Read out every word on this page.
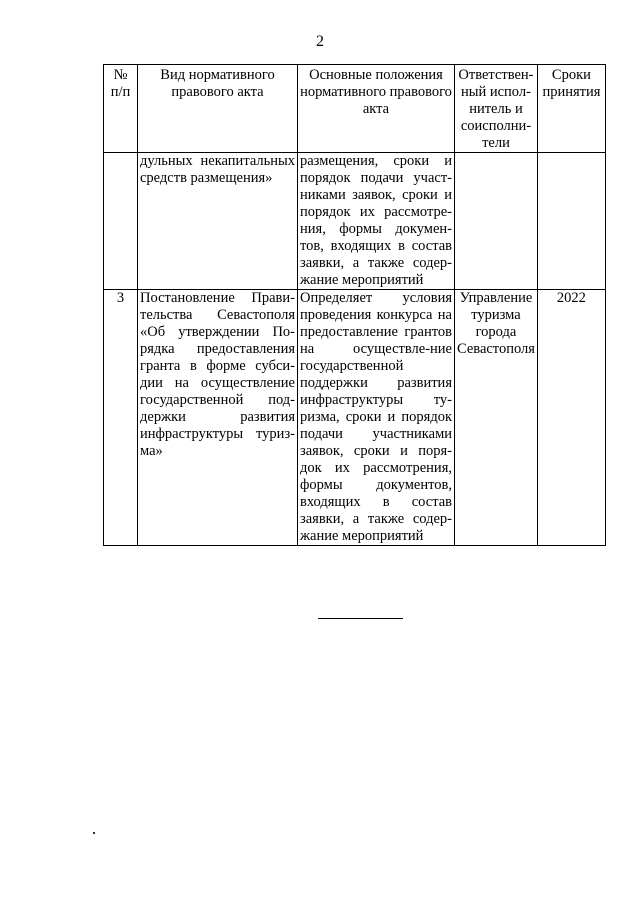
2
№ п/п	Вид нормативного правового акта	Основные положения нормативного правового акта	Ответствен-ный испол-нитель и соисполни-тели	Сроки принятия
	дульных некапитальных средств размещения»	размещения, сроки и порядок подачи участ-никами заявок, сроки и порядок их рассмотре-ния, формы докумен-тов, входящих в состав заявки, а также содер-жание мероприятий		
3	Постановление Прави-тельства Севастополя «Об утверждении По-рядка предоставления гранта в форме субси-дии на осуществление государственной под-держки развития инфраструктуры туриз-ма»	Определяет условия проведения конкурса на предоставление грантов на осуществле-ние государственной поддержки развития инфраструктуры ту-ризма, сроки и порядок подачи участниками заявок, сроки и поря-док их рассмотрения, формы документов, входящих в состав заявки, а также содер-жание мероприятий	Управление туризма города Севастополя	2022
